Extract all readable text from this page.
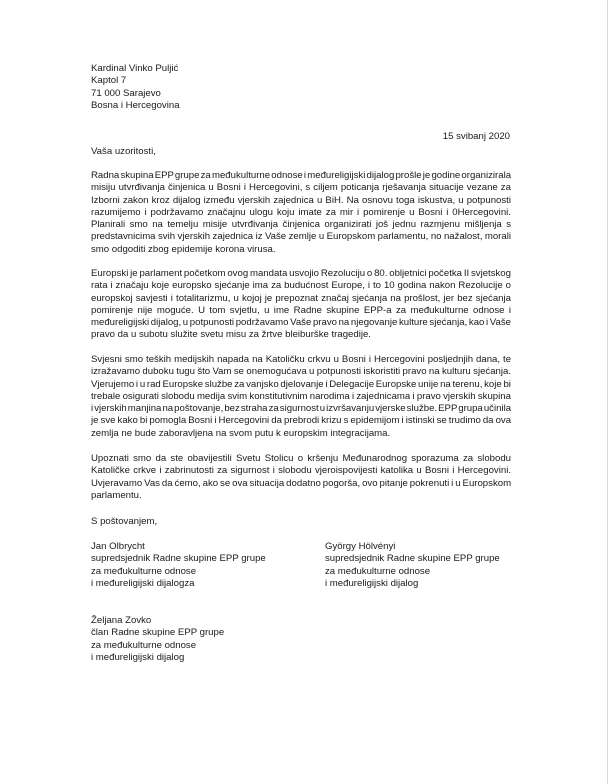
Kardinal Vinko Puljić
Kaptol 7
71 000 Sarajevo
Bosna i Hercegovina
15 svibanj 2020
Vaša uzoritosti,
Radna skupina EPP grupe za međukulturne odnose i međureligijski dijalog prošle je godine organizirala
misiju utvrđivanja činjenica u Bosni i Hercegovini, s ciljem poticanja rješavanja situacije vezane za
Izborni zakon kroz dijalog između vjerskih zajednica u BiH. Na osnovu toga iskustva, u potpunosti
razumijemo i podržavamo značajnu ulogu koju imate za mir i pomirenje u Bosni i 0Hercegovini.
Planirali smo na temelju misije utvrđivanja činjenica organizirati još jednu razmjenu mišljenja s
predstavnicima svih vjerskih zajednica iz Vaše zemlje u Europskom parlamentu, no nažalost, morali
smo odgoditi zbog epidemije korona virusa.
Europski je parlament početkom ovog mandata usvojio Rezoluciju o 80. obljetnici početka II svjetskog
rata i značaju koje europsko sjećanje ima za budućnost Europe, i to 10 godina nakon Rezolucije o
europskoj savjesti i totalitarizmu, u kojoj je prepoznat značaj sjećanja na prošlost, jer bez sjećanja
pomirenje nije moguće. U tom svjetlu, u ime Radne skupine EPP-a za međukulturne odnose i
međureligijski dijalog, u potpunosti podržavamo Vaše pravo na njegovanje kulture sjećanja, kao i Vaše
pravo da u subotu služite svetu misu za žrtve bleiburške tragedije.
Svjesni smo teških medijskih napada na Katoličku crkvu u Bosni i Hercegovini posljednjih dana, te
izražavamo duboku tugu što Vam se onemogućava u potpunosti iskoristiti pravo na kulturu sjećanja.
Vjerujemo i u rad Europske službe za vanjsko djelovanje i Delegacije Europske unije na terenu, koje bi
trebale osigurati slobodu medija svim konstitutivnim narodima i zajednicama i pravo vjerskih skupina
i vjerskih manjina na poštovanje, bez straha za sigurnost u izvršavanju vjerske službe. EPP grupa učinila
je sve kako bi pomogla Bosni i Hercegovini da prebrodi krizu s epidemijom i istinski se trudimo da ova
zemlja ne bude zaboravljena na svom putu k europskim integracijama.
Upoznati smo da ste obavijestili Svetu Stolicu o kršenju Međunarodnog sporazuma za slobodu
Katoličke crkve i zabrinutosti za sigurnost i slobodu vjeroispovijesti katolika u Bosni i Hercegovini.
Uvjeravamo Vas da ćemo, ako se ova situacija dodatno pogorša, ovo pitanje pokrenuti i u Europskom
parlamentu.
S poštovanjem,
Jan Olbrycht
supredsjednik Radne skupine EPP grupe
za međukulturne odnose
i međureligijski dijalogza
György Hölvényi
supredsjednik Radne skupine EPP grupe
za međukulturne odnose
i međureligijski dijalog
Željana Zovko
član Radne skupine EPP grupe
za međukulturne odnose
i međureligijski dijalog
